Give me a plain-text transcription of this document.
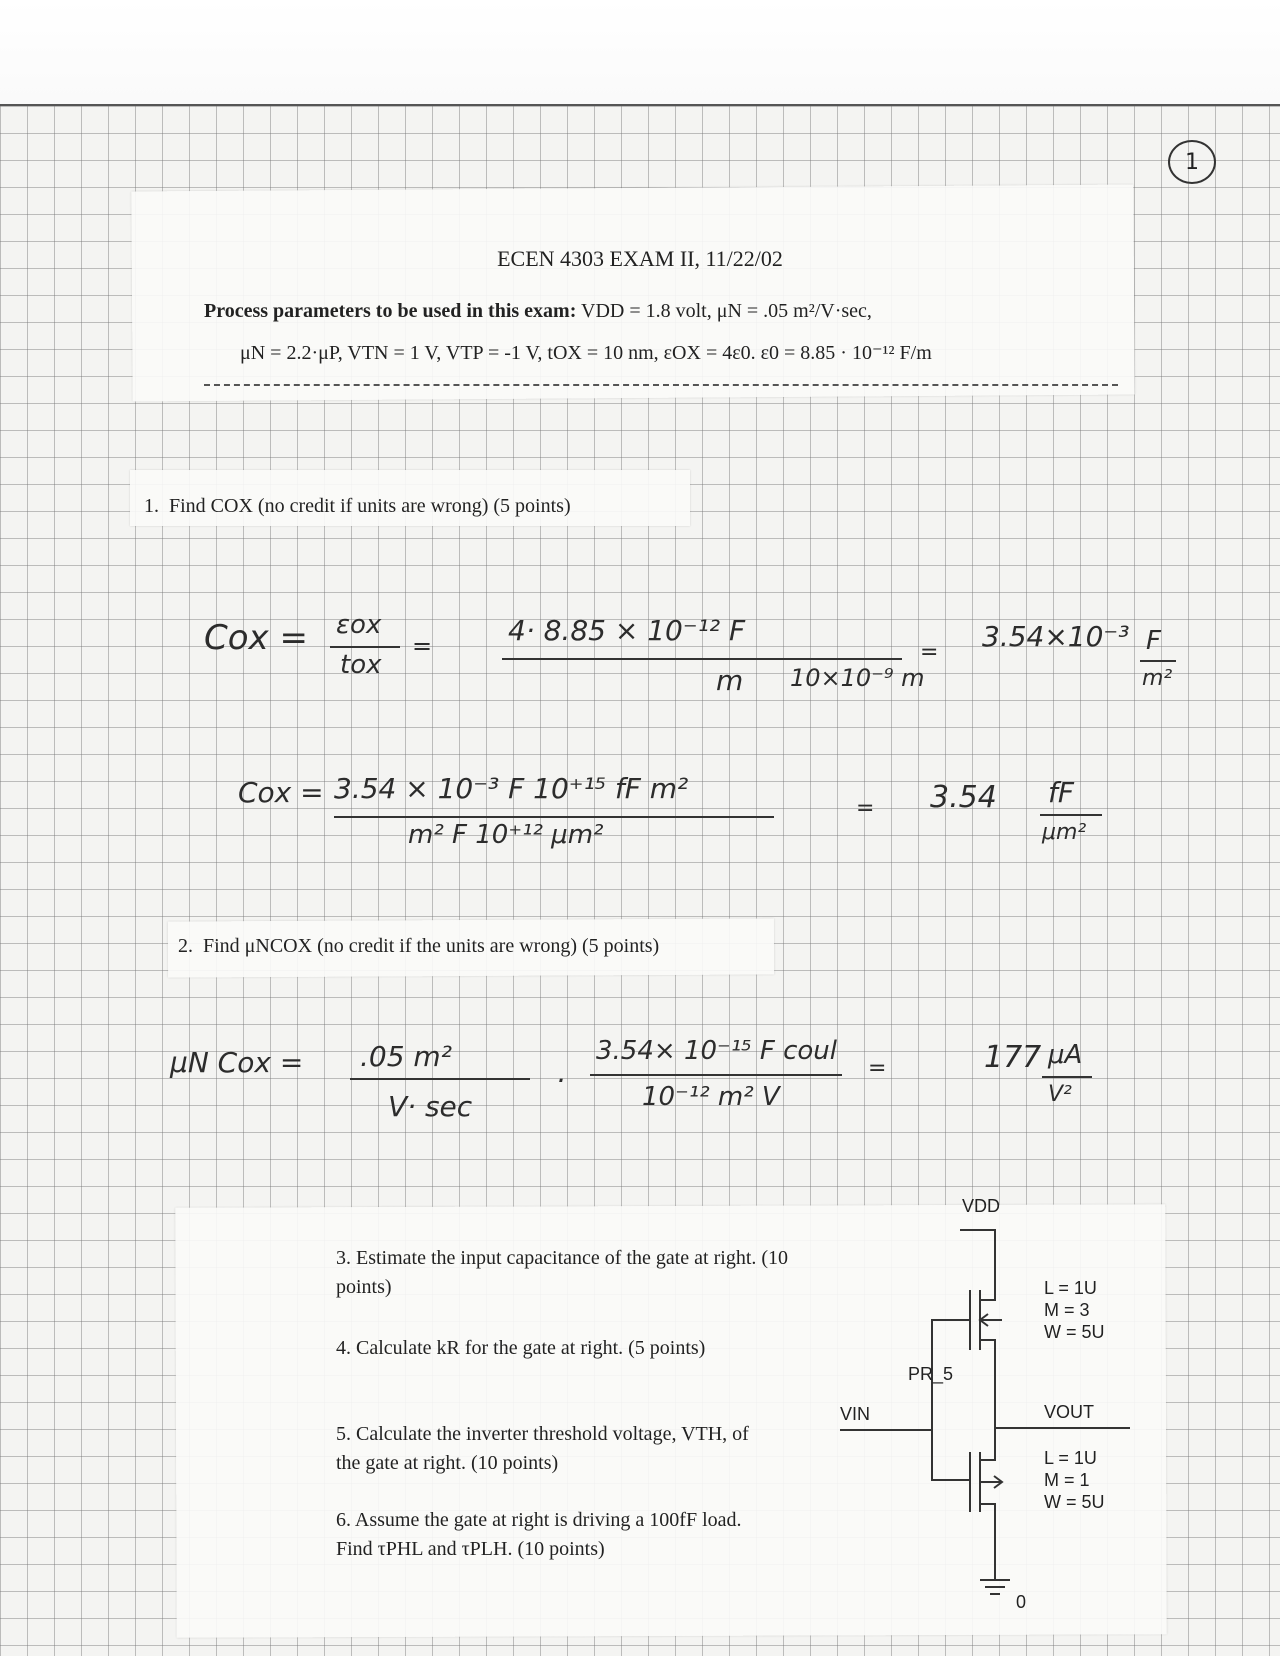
1
ECEN 4303 EXAM II, 11/22/02
Process parameters to be used in this exam: VDD = 1.8 volt, μN = .05 m²/V·sec,
μN = 2.2·μP, VTN = 1 V, VTP = -1 V, tOX = 10 nm, εOX = 4ε0. ε0 = 8.85 · 10⁻¹² F/m
1. Find COX (no credit if units are wrong) (5 points)
Cox = εox
tox
=	4· 8.85 × 10⁻¹² F
m 10×10⁻⁹ m
= 3.54×10⁻³ F
m²
Cox = 3.54 × 10⁻³ F 10⁺¹⁵ fF m²
m² F 10⁺¹² μm²
= 3.54 fF
μm²
2. Find μNCOX (no credit if the units are wrong) (5 points)
μN Cox = .05 m²
V· sec
·
3.54× 10⁻¹⁵ F coul
10⁻¹² m² V
=	177 μA
V²
3. Estimate the input capacitance of the gate at right. (10 points)
4. Calculate kR for the gate at right. (5 points)
5. Calculate the inverter threshold voltage, VTH, of the gate at right. (10 points)
6. Assume the gate at right is driving a 100fF load. Find τPHL and τPLH. (10 points)
VDD
L = 1U
M = 3
W = 5U
PR_5
VIN	VOUT
L = 1U
M = 1
W = 5U
0
